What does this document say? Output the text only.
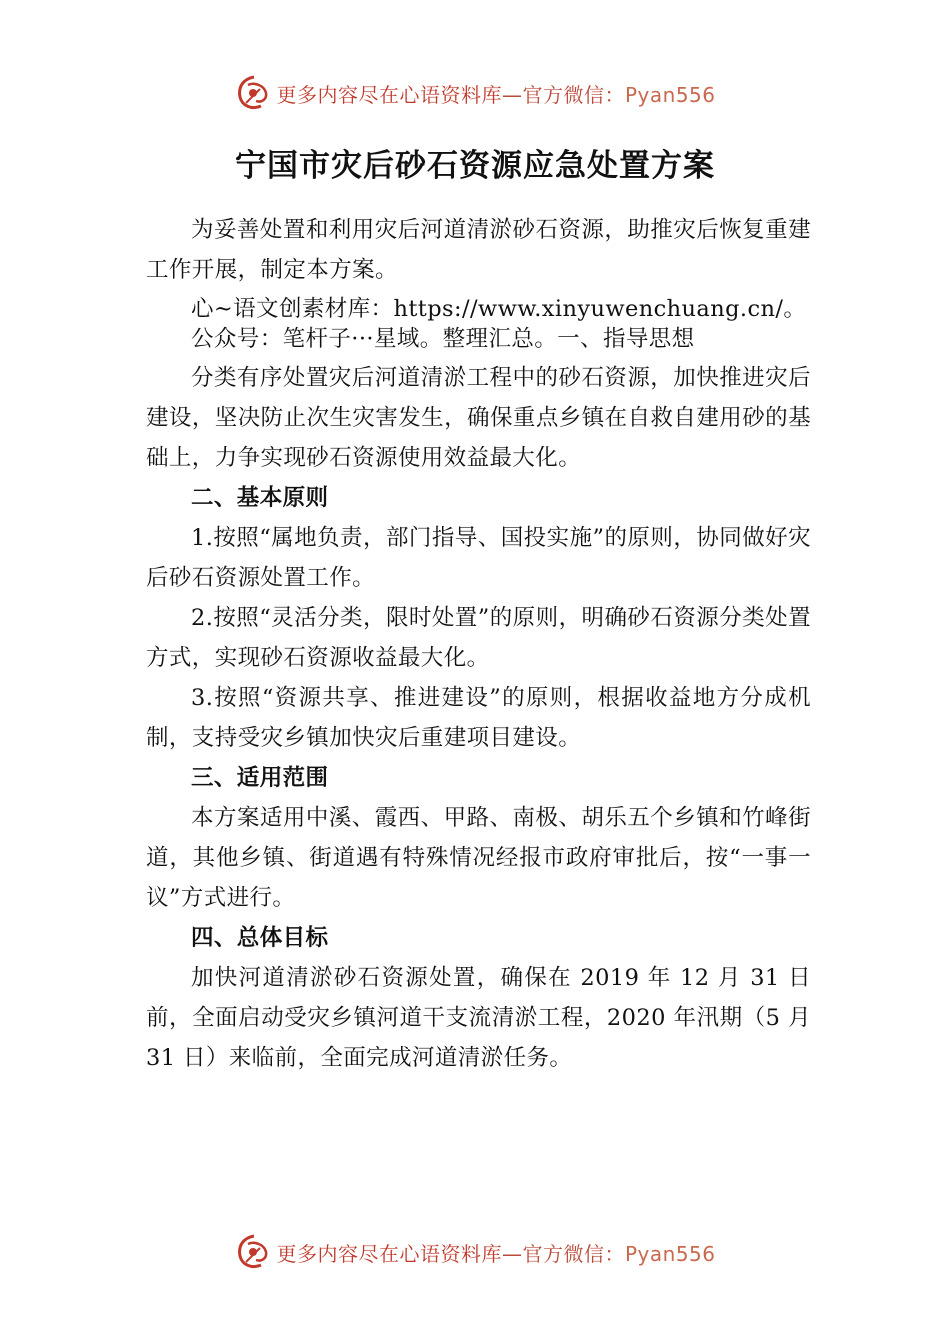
更多内容尽在心语资料库—官方微信：Pyan556
宁国市灾后砂石资源应急处置方案

为妥善处置和利用灾后河道清淤砂石资源，助推灾后恢复重建工作开展，制定本方案。

心~语文创素材库：https://www.xinyuwenchuang.cn/。
公众号：笔杆子···星域。整理汇总。一、指导思想

分类有序处置灾后河道清淤工程中的砂石资源，加快推进灾后建设，坚决防止次生灾害发生，确保重点乡镇在自救自建用砂的基础上，力争实现砂石资源使用效益最大化。

二、基本原则

1.按照“属地负责，部门指导、国投实施”的原则，协同做好灾后砂石资源处置工作。

2.按照“灵活分类，限时处置”的原则，明确砂石资源分类处置方式，实现砂石资源收益最大化。

3.按照“资源共享、推进建设”的原则，根据收益地方分成机制，支持受灾乡镇加快灾后重建项目建设。

三、适用范围

本方案适用中溪、霞西、甲路、南极、胡乐五个乡镇和竹峰街道，其他乡镇、街道遇有特殊情况经报市政府审批后，按“一事一议”方式进行。

四、总体目标

加快河道清淤砂石资源处置，确保在 2019 年 12 月 31 日前，全面启动受灾乡镇河道干支流清淤工程，2020 年汛期（5 月 31 日）来临前，全面完成河道清淤任务。

更多内容尽在心语资料库—官方微信：Pyan556
